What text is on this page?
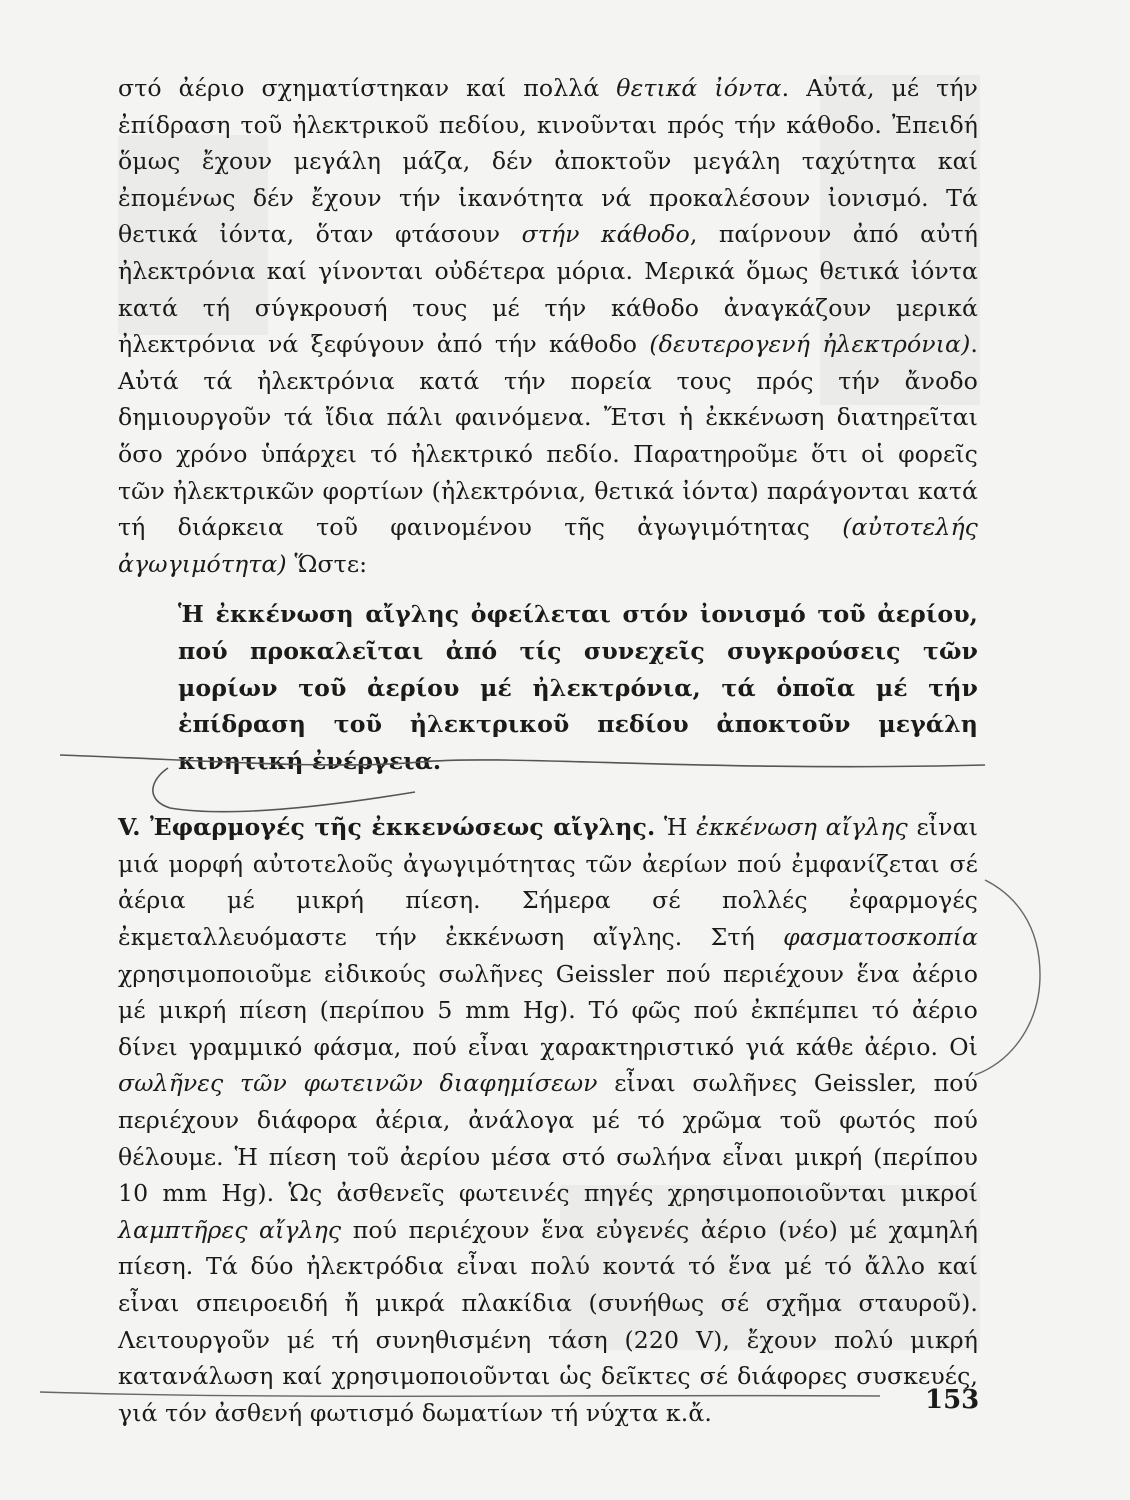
στό ἀέριο σχηματίστηκαν καί πολλά θετικά ἰόντα. Αὐτά, μέ τήν ἐπίδραση τοῦ ἠλεκτρικοῦ πεδίου, κινοῦνται πρός τήν κάθοδο. Ἐπειδή ὅμως ἔχουν μεγάλη μάζα, δέν ἀποκτοῦν μεγάλη ταχύτητα καί ἐπομένως δέν ἔχουν τήν ἱκανότητα νά προκαλέσουν ἰονισμό. Τά θετικά ἰόντα, ὅταν φτάσουν στήν κάθοδο, παίρνουν ἀπό αὐτή ἠλεκτρόνια καί γίνονται οὐδέτερα μόρια. Μερικά ὅμως θετικά ἰόντα κατά τή σύγκρουσή τους μέ τήν κάθοδο ἀναγκάζουν μερικά ἠλεκτρόνια νά ξεφύγουν ἀπό τήν κάθοδο (δευτερογενή ἠλεκτρόνια). Αὐτά τά ἠλεκτρόνια κατά τήν πορεία τους πρός τήν ἄνοδο δημιουργοῦν τά ἴδια πάλι φαινόμενα. Ἔτσι ἡ ἐκκένωση διατηρεῖται ὅσο χρόνο ὑπάρχει τό ἠλεκτρικό πεδίο. Παρατηροῦμε ὅτι οἱ φορεῖς τῶν ἠλεκτρικῶν φορτίων (ἠλεκτρόνια, θετικά ἰόντα) παράγονται κατά τή διάρκεια τοῦ φαινομένου τῆς ἀγωγιμότητας (αὐτοτελής ἀγωγιμότητα) Ὥστε:

Ἡ ἐκκένωση αἴγλης ὀφείλεται στόν ἰονισμό τοῦ ἀερίου, πού προκαλεῖται ἀπό τίς συνεχεῖς συγκρούσεις τῶν μορίων τοῦ ἀερίου μέ ἠλεκτρόνια, τά ὁποῖα μέ τήν ἐπίδραση τοῦ ἠλεκτρικοῦ πεδίου ἀποκτοῦν μεγάλη κινητική ἐνέργεια.

V. Ἐφαρμογές τῆς ἐκκενώσεως αἴγλης. Ἡ ἐκκένωση αἴγλης εἶναι μιά μορφή αὐτοτελοῦς ἀγωγιμότητας τῶν ἀερίων πού ἐμφανίζεται σέ ἀέρια μέ μικρή πίεση. Σήμερα σέ πολλές ἐφαρμογές ἐκμεταλλευόμαστε τήν ἐκκένωση αἴγλης. Στή φασματοσκοπία χρησιμοποιοῦμε εἰδικούς σωλῆνες Geissler πού περιέχουν ἕνα ἀέριο μέ μικρή πίεση (περίπου 5 mm Hg). Τό φῶς πού ἐκπέμπει τό ἀέριο δίνει γραμμικό φάσμα, πού εἶναι χαρακτηριστικό γιά κάθε ἀέριο. Οἱ σωλῆνες τῶν φωτεινῶν διαφημίσεων εἶναι σωλῆνες Geissler, πού περιέχουν διάφορα ἀέρια, ἀνάλογα μέ τό χρῶμα τοῦ φωτός πού θέλουμε. Ἡ πίεση τοῦ ἀερίου μέσα στό σωλήνα εἶναι μικρή (περίπου 10 mm Hg). Ὡς ἀσθενεῖς φωτεινές πηγές χρησιμοποιοῦνται μικροί λαμπτῆρες αἴγλης πού περιέχουν ἕνα εὐγενές ἀέριο (νέο) μέ χαμηλή πίεση. Τά δύο ἠλεκτρόδια εἶναι πολύ κοντά τό ἕνα μέ τό ἄλλο καί εἶναι σπειροειδή ἤ μικρά πλακίδια (συνήθως σέ σχῆμα σταυροῦ). Λειτουργοῦν μέ τή συνηθισμένη τάση (220 V), ἔχουν πολύ μικρή κατανάλωση καί χρησιμοποιοῦνται ὡς δεῖκτες σέ διάφορες συσκευές, γιά τόν ἀσθενή φωτισμό δωματίων τή νύχτα κ.ἄ.	153
